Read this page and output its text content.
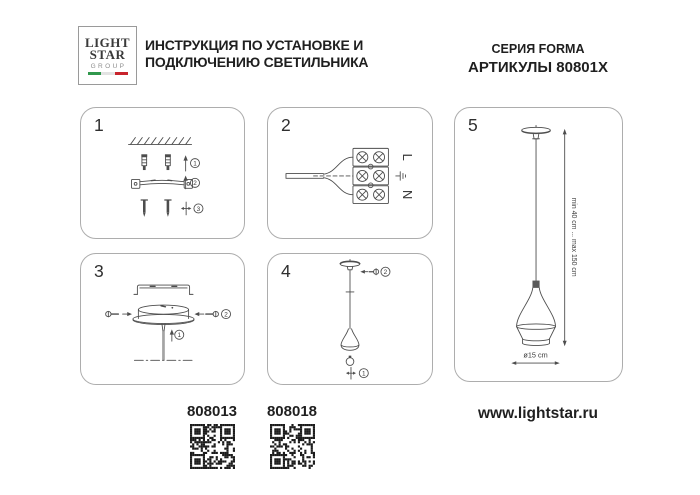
LIGHT
STAR
GROUP
ИНСТРУКЦИЯ ПО УСТАНОВКЕ И
ПОДКЛЮЧЕНИЮ СВЕТИЛЬНИКА
СЕРИЯ FORMA
АРТИКУЛЫ 80801X
1
1
2
3
2
L
N
3
2
1
4	2
1
5
min 40 cm ... max 150 cm
ø15 cm
808013	808018	www.lightstar.ru
